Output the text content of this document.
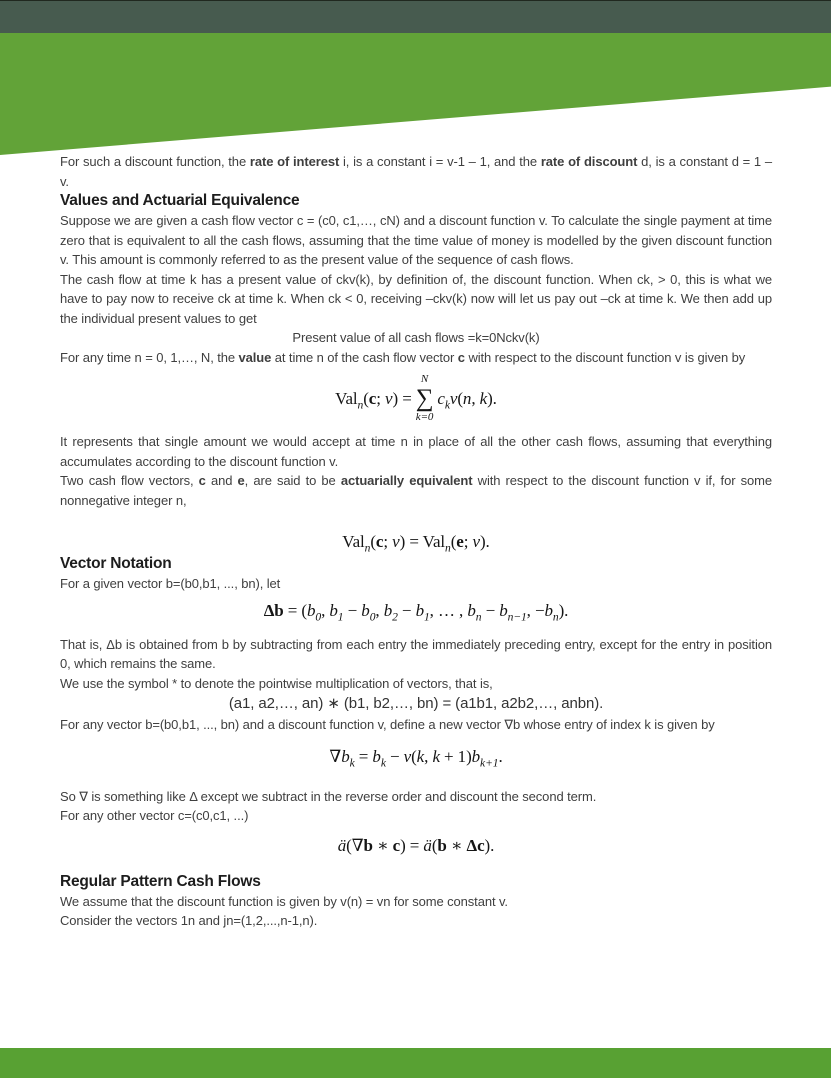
For such a discount function, the rate of interest i, is a constant i = v-1 – 1, and the rate of discount d, is a constant d = 1 – v.

Values and Actuarial Equivalence

Suppose we are given a cash flow vector c = (c0, c1,…, cN) and a discount function v. To calculate the single payment at time zero that is equivalent to all the cash flows, assuming that the time value of money is modelled by the given discount function v. This amount is commonly referred to as the present value of the sequence of cash flows.

The cash flow at time k has a present value of ckv(k), by definition of, the discount function. When ck, > 0, this is what we have to pay now to receive ck at time k. When ck < 0, receiving –ckv(k) now will let us pay out –ck at time k. We then add up the individual present values to get

Present value of all cash flows =k=0Nckv(k)

For any time n = 0, 1,…, N, the value at time n of the cash flow vector c with respect to the discount function v is given by

Val$_n$(c; v) =
N
∑
k=0
$c_kv(n$, k).

It represents that single amount we would accept at time n in place of all the other cash flows, assuming that everything accumulates according to the discount function v.

Two cash flow vectors, c and e, are said to be actuarially equivalent with respect to the discount function v if, for some nonnegative integer n,

Val$_n$(c; v) = Val$_n$(e; v).

Vector Notation

For a given vector b=(b0,b1, ..., bn), let

$\Delta b = (b_0$, $b_1 - b_0$, $b_2 - b_1$, … , $b_n - b_{n-1}$, $-b_n$).

That is, Δb is obtained from b by subtracting from each entry the immediately preceding entry, except for the entry in position 0, which remains the same.

We use the symbol * to denote the pointwise multiplication of vectors, that is,

(a1, a2,…, an) ∗ (b1, b2,…, bn) = (a1b1, a2b2,…, anbn).

For any vector b=(b0,b1, ..., bn) and a discount function v, define a new vector ∇b whose entry of index k is given by

$\nabla b_k = b_k - v(k$, $k + 1)b_{k+1}$.

So ∇ is something like Δ except we subtract in the reverse order and discount the second term.

For any other vector c=(c0,c1, ...)

ä(∇b ∗ c) = ä(b ∗ Δc).

Regular Pattern Cash Flows

We assume that the discount function is given by v(n) = vn for some constant v.

Consider the vectors 1n and jn=(1,2,...,n-1,n).
